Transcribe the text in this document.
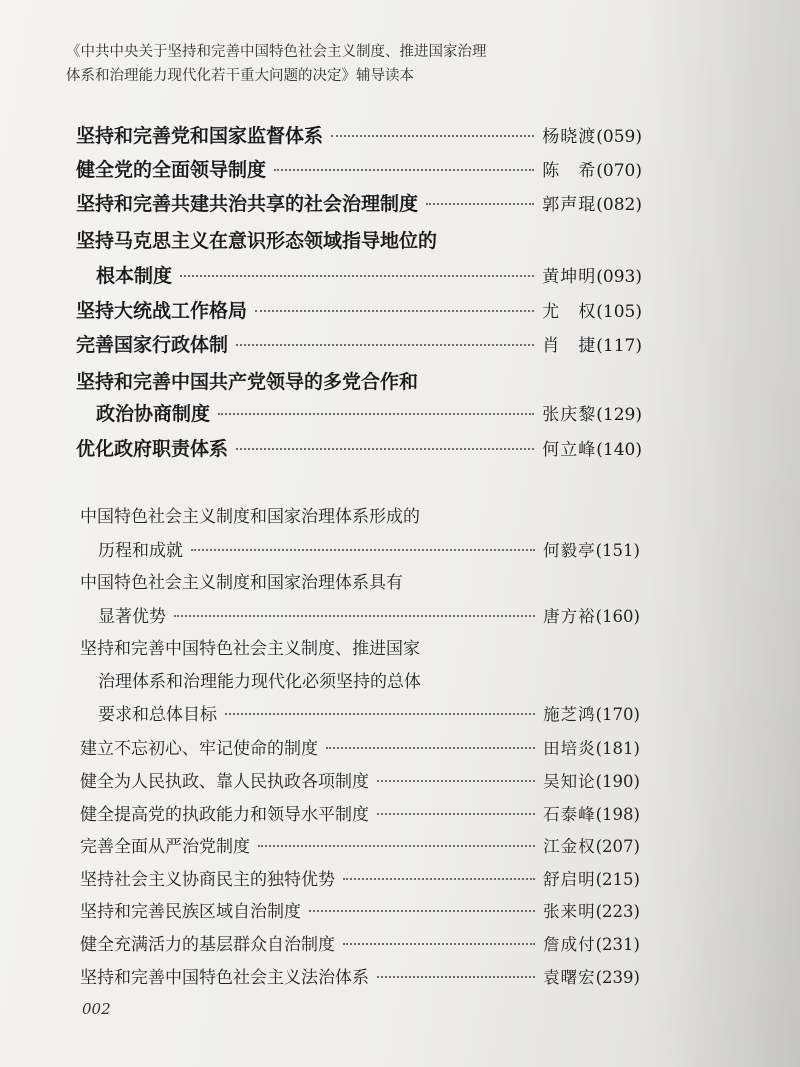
《中共中央关于坚持和完善中国特色社会主义制度、推进国家治理
体系和治理能力现代化若干重大问题的决定》辅导读本
坚持和完善党和国家监督体系	杨晓渡 (059)
健全党的全面领导制度	陈　希 (070)
坚持和完善共建共治共享的社会治理制度	郭声琨 (082)
坚持马克思主义在意识形态领域指导地位的
根本制度	黄坤明 (093)
坚持大统战工作格局	尤　权 (105)
完善国家行政体制	肖　捷 (117)
坚持和完善中国共产党领导的多党合作和
政治协商制度	张庆黎 (129)
优化政府职责体系	何立峰 (140)
中国特色社会主义制度和国家治理体系形成的
历程和成就	何毅亭 (151)
中国特色社会主义制度和国家治理体系具有
显著优势	唐方裕 (160)
坚持和完善中国特色社会主义制度、推进国家
治理体系和治理能力现代化必须坚持的总体
要求和总体目标	施芝鸿 (170)
建立不忘初心、牢记使命的制度	田培炎 (181)
健全为人民执政、靠人民执政各项制度	吴知论 (190)
健全提高党的执政能力和领导水平制度	石泰峰 (198)
完善全面从严治党制度	江金权 (207)
坚持社会主义协商民主的独特优势	舒启明 (215)
坚持和完善民族区域自治制度	张来明 (223)
健全充满活力的基层群众自治制度	詹成付 (231)
坚持和完善中国特色社会主义法治体系	袁曙宏 (239)
002
